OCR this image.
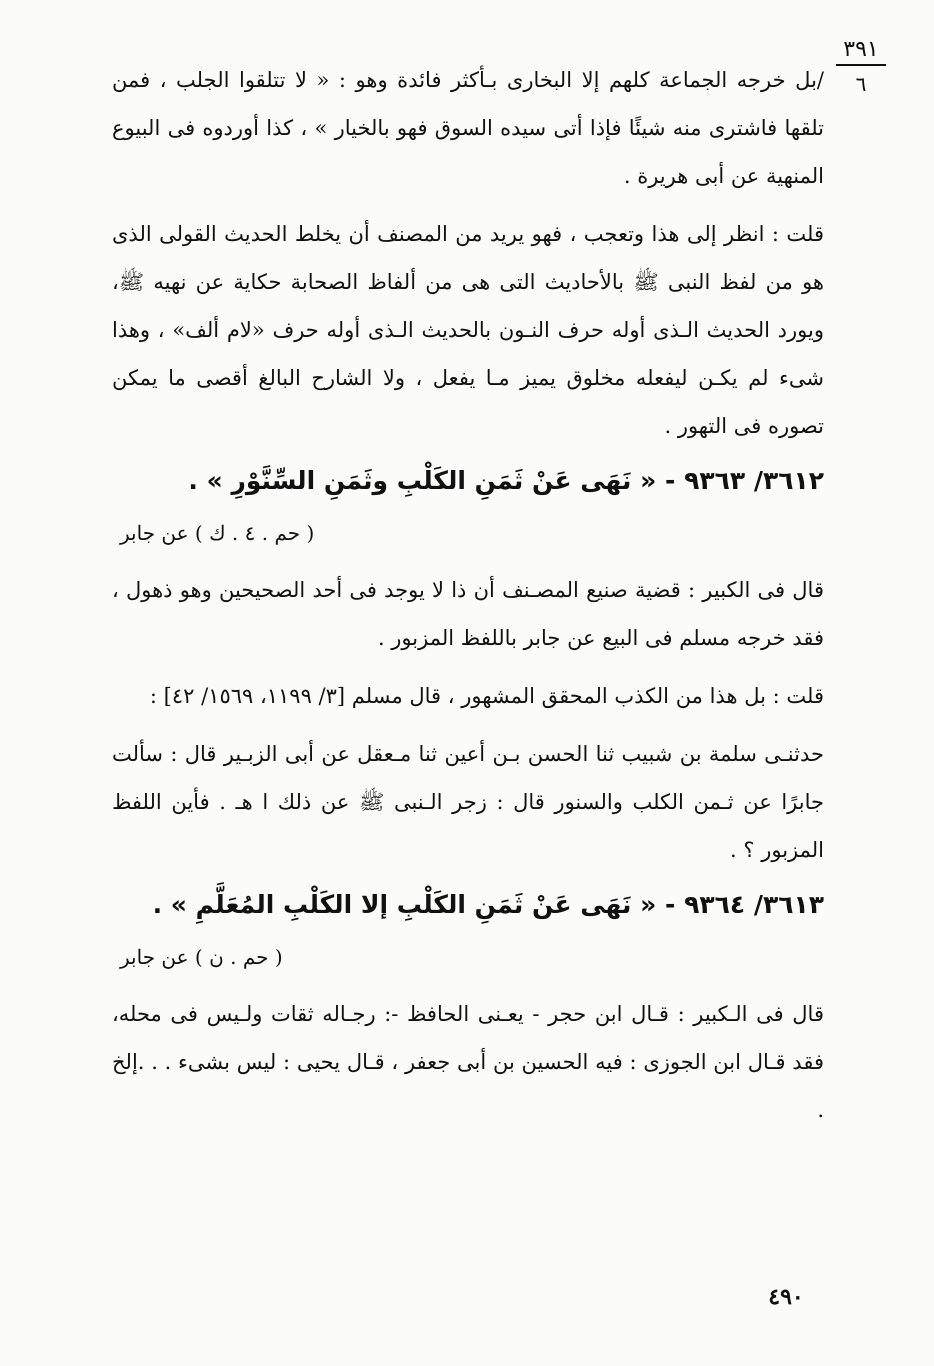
٣٩١
٦

/بل خرجه الجماعة كلهم إلا البخارى بـأكثر فائدة وهو : « لا تتلقوا الجلب ، فمن تلقها فاشترى منه شيئًا فإذا أتى سيده السوق فهو بالخيار » ، كذا أوردوه فى البيوع المنهية عن أبى هريرة .

قلت : انظر إلى هذا وتعجب ، فهو يريد من المصنف أن يخلط الحديث القولى الذى هو من لفظ النبى ﷺ بالأحاديث التى هى من ألفاظ الصحابة حكاية عن نهيه ﷺ، ويورد الحديث الـذى أوله حرف النـون بالحديث الـذى أوله حرف «لام ألف» ، وهذا شىء لم يكـن ليفعله مخلوق يميز مـا يفعل ، ولا الشارح البالغ أقصى ما يمكن تصوره فى التهور .

٣٦١٢/ ٩٣٦٣ - « نَهَى عَنْ ثَمَنِ الكَلْبِ وثَمَنِ السِّنَّوْرِ » .

( حم . ٤ . ك ) عن جابر

قال فى الكبير : قضية صنيع المصـنف أن ذا لا يوجد فى أحد الصحيحين وهو ذهول ، فقد خرجه مسلم فى البيع عن جابر باللفظ المزبور .

قلت : بل هذا من الكذب المحقق المشهور ، قال مسلم [٣/ ١١٩٩، ١٥٦٩/ ٤٢] :

حدثنـى سلمة بن شبيب ثنا الحسن بـن أعين ثنا مـعقل عن أبى الزبـير قال : سألت جابرًا عن ثـمن الكلب والسنور قال : زجر الـنبى ﷺ عن ذلك ا هـ . فأين اللفظ المزبور ؟ .

٣٦١٣/ ٩٣٦٤ - « نَهَى عَنْ ثَمَنِ الكَلْبِ إلا الكَلْبِ المُعَلَّمِ » .

( حم . ن ) عن جابر

قال فى الـكبير : قـال ابن حجر - يعـنى الحافظ -: رجـاله ثقات ولـيس فى محله، فقد قـال ابن الجوزى : فيه الحسين بن أبى جعفر ، قـال يحيى : ليس بشىء . . .إلخ .

٤٩٠
